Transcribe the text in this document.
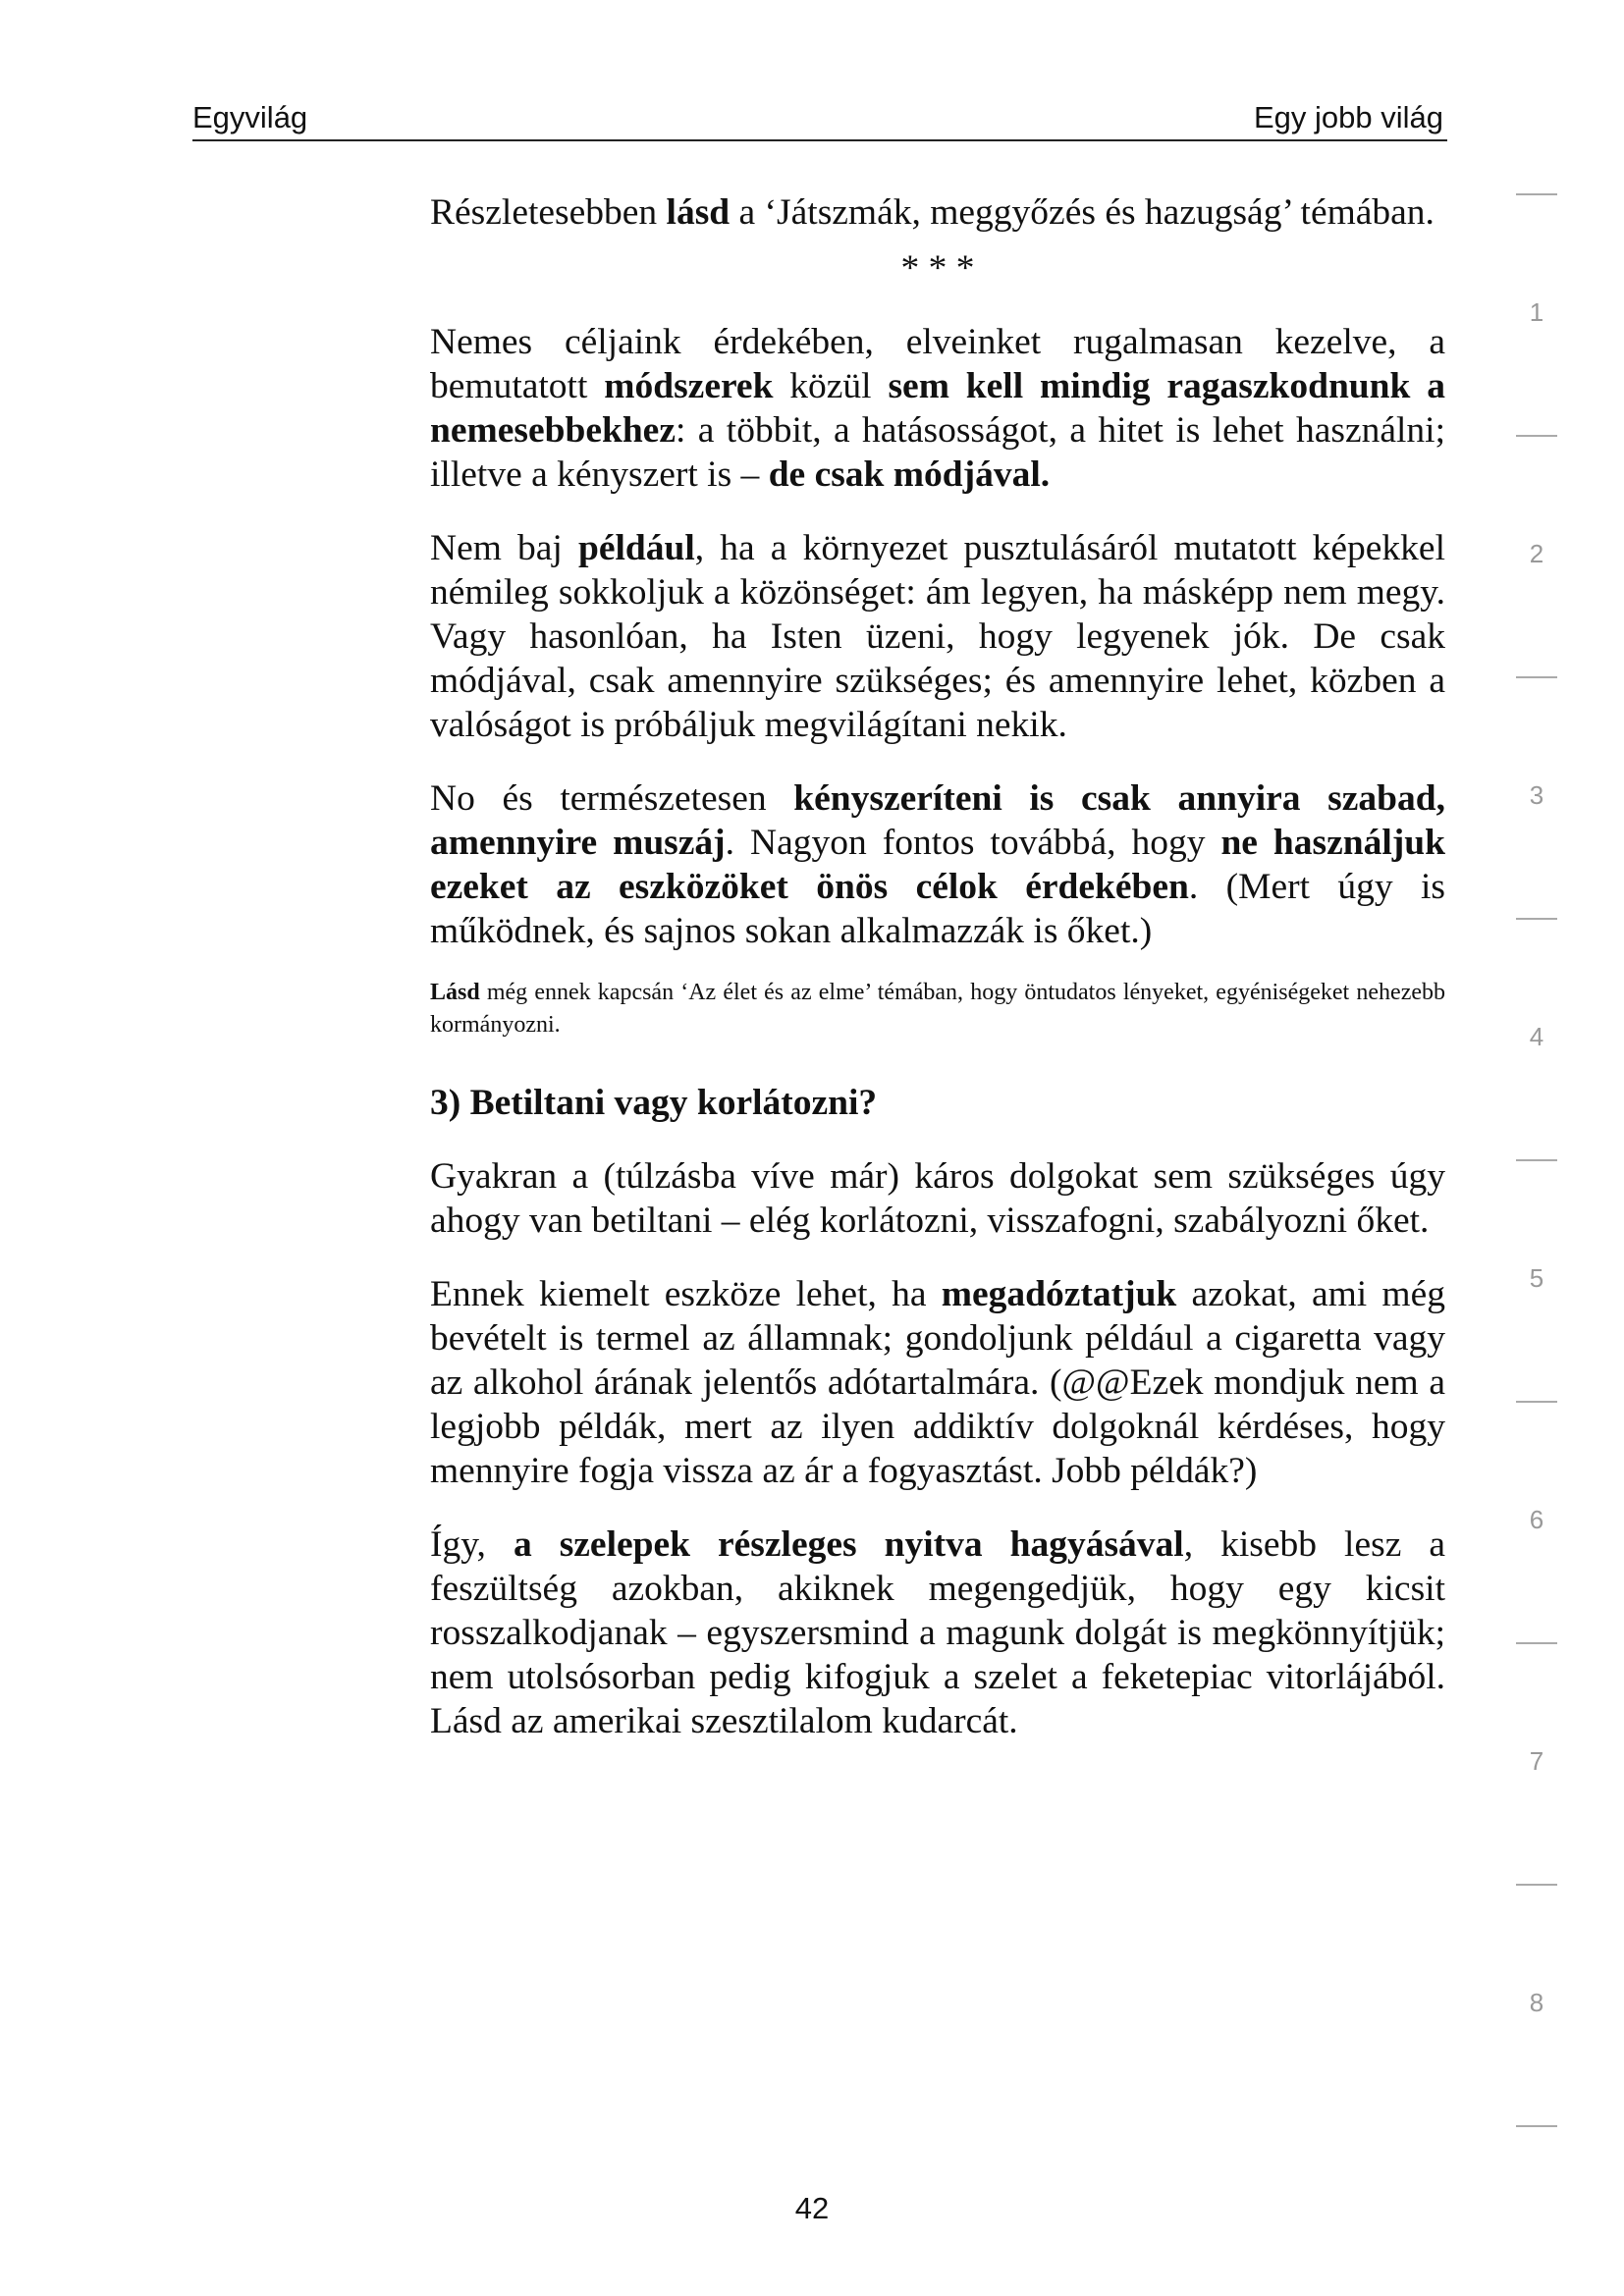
Egyvilág	Egy jobb világ

Részletesebben lásd a ‘Játszmák, meggyőzés és hazugság’ témában.

* * *

Nemes céljaink érdekében, elveinket rugalmasan kezelve, a bemutatott módszerek közül sem kell mindig ragaszkodnunk a nemesebbekhez: a többit, a hatásosságot, a hitet is lehet használni; illetve a kényszert is – de csak módjával.

Nem baj például, ha a környezet pusztulásáról mutatott képekkel némileg sokkoljuk a közönséget: ám legyen, ha másképp nem megy. Vagy hasonlóan, ha Isten üzeni, hogy legyenek jók. De csak módjával, csak amennyire szükséges; és amennyire lehet, közben a valóságot is próbáljuk megvilágítani nekik.

No és természetesen kényszeríteni is csak annyira szabad, amennyire muszáj. Nagyon fontos továbbá, hogy ne használjuk ezeket az eszközöket önös célok érdekében. (Mert úgy is működnek, és sajnos sokan alkalmazzák is őket.)

Lásd még ennek kapcsán ‘Az élet és az elme’ témában, hogy öntudatos lényeket, egyéniségeket nehezebb kormányozni.

3) Betiltani vagy korlátozni?

Gyakran a (túlzásba víve már) káros dolgokat sem szükséges úgy ahogy van betiltani – elég korlátozni, visszafogni, szabályozni őket.

Ennek kiemelt eszköze lehet, ha megadóztatjuk azokat, ami még bevételt is termel az államnak; gondoljunk például a cigaretta vagy az alkohol árának jelentős adótartalmára. (@@Ezek mondjuk nem a legjobb példák, mert az ilyen addiktív dolgoknál kérdéses, hogy mennyire fogja vissza az ár a fogyasztást. Jobb példák?)

Így, a szelepek részleges nyitva hagyásával, kisebb lesz a feszültség azokban, akiknek megengedjük, hogy egy kicsit rosszalkodjanak – egyszersmind a magunk dolgát is megkönnyítjük; nem utolsósorban pedig kifogjuk a szelet a feketepiac vitorlájából. Lásd az amerikai szesztilalom kudarcát.

42
1
2
3
4
5
6
7
8
